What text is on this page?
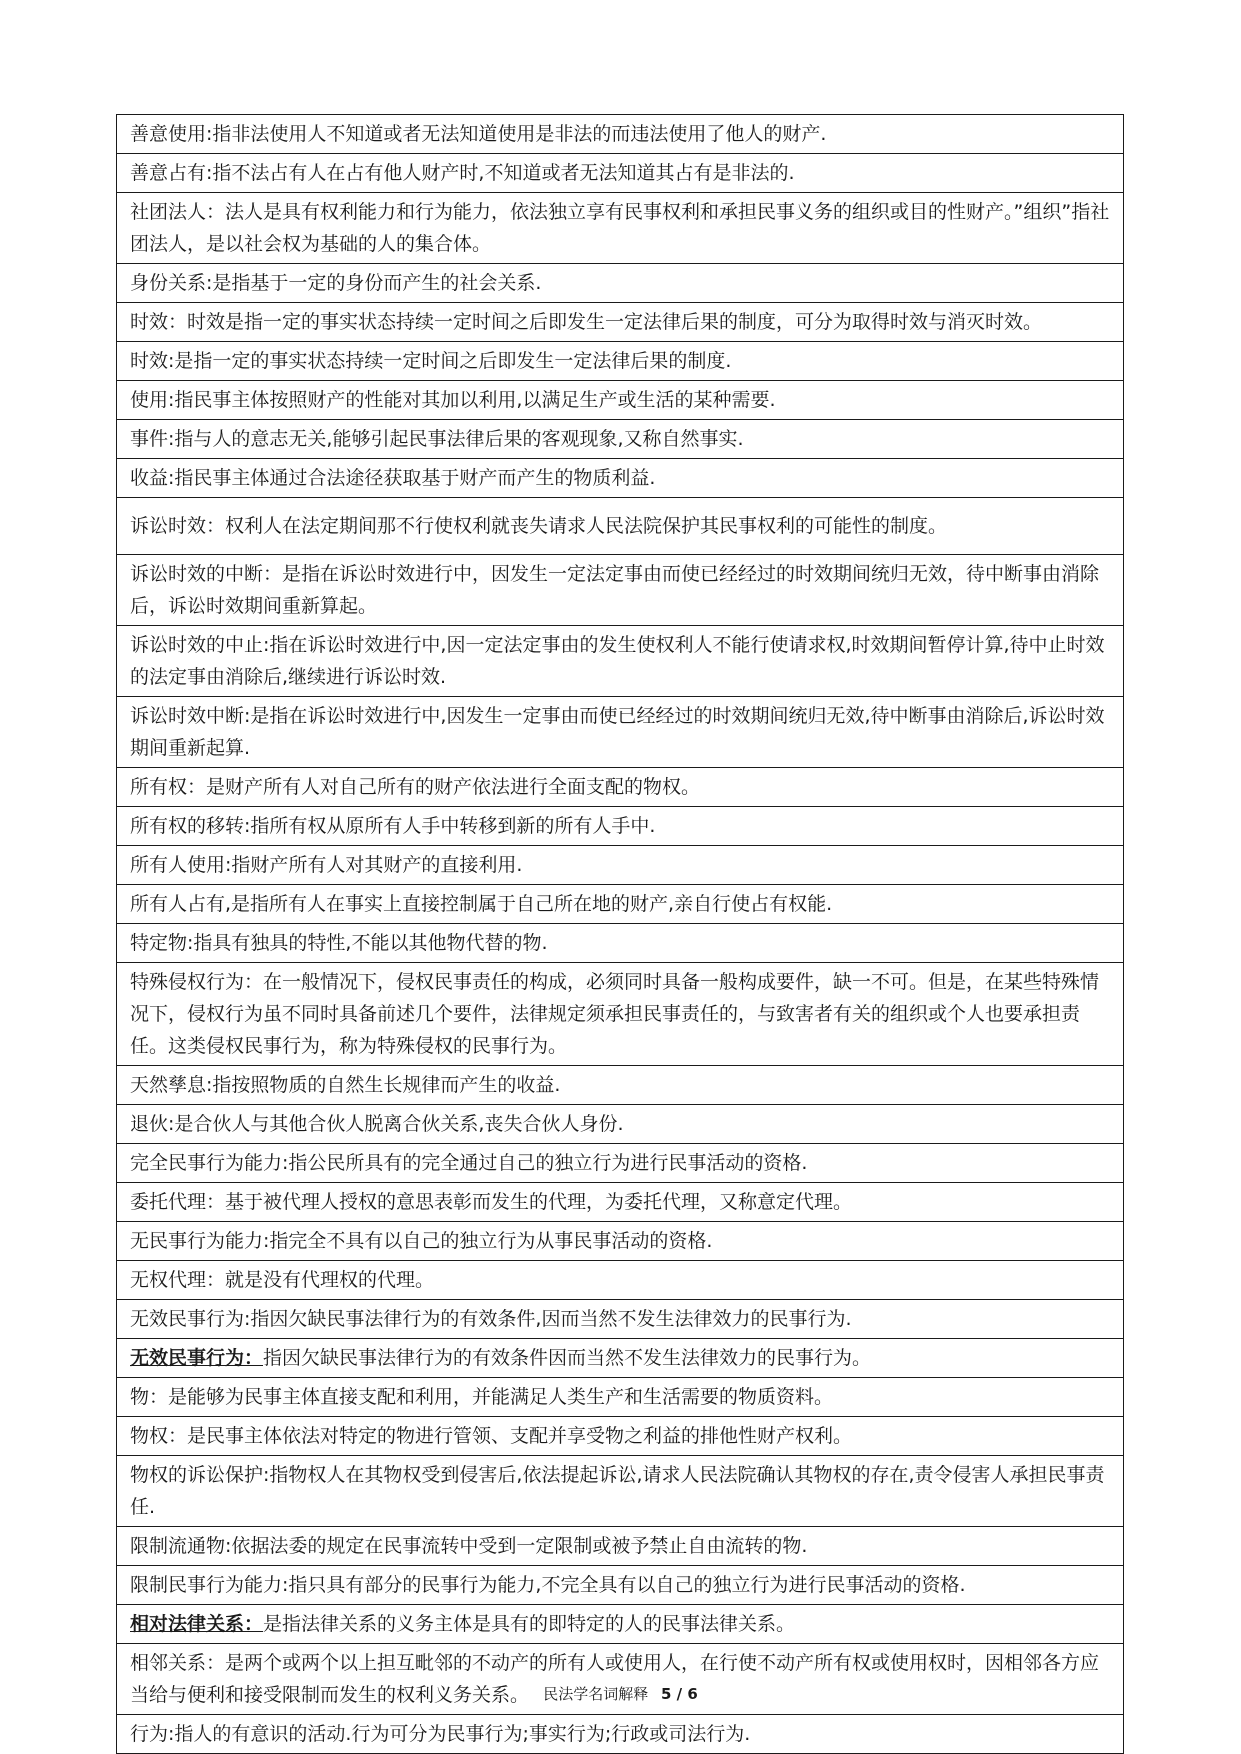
善意使用:指非法使用人不知道或者无法知道使用是非法的而违法使用了他人的财产.
善意占有:指不法占有人在占有他人财产时,不知道或者无法知道其占有是非法的.
社团法人：法人是具有权利能力和行为能力，依法独立享有民事权利和承担民事义务的组织或目的性财产。”组织”指社团法人，是以社会权为基础的人的集合体。
身份关系:是指基于一定的身份而产生的社会关系.
时效：时效是指一定的事实状态持续一定时间之后即发生一定法律后果的制度，可分为取得时效与消灭时效。
时效:是指一定的事实状态持续一定时间之后即发生一定法律后果的制度.
使用:指民事主体按照财产的性能对其加以利用,以满足生产或生活的某种需要.
事件:指与人的意志无关,能够引起民事法律后果的客观现象,又称自然事实.
收益:指民事主体通过合法途径获取基于财产而产生的物质利益.
诉讼时效：权利人在法定期间那不行使权利就丧失请求人民法院保护其民事权利的可能性的制度。
诉讼时效的中断：是指在诉讼时效进行中，因发生一定法定事由而使已经经过的时效期间统归无效，待中断事由消除后，诉讼时效期间重新算起。
诉讼时效的中止:指在诉讼时效进行中,因一定法定事由的发生使权利人不能行使请求权,时效期间暂停计算,待中止时效的法定事由消除后,继续进行诉讼时效.
诉讼时效中断:是指在诉讼时效进行中,因发生一定事由而使已经经过的时效期间统归无效,待中断事由消除后,诉讼时效期间重新起算.
所有权：是财产所有人对自己所有的财产依法进行全面支配的物权。
所有权的移转:指所有权从原所有人手中转移到新的所有人手中.
所有人使用:指财产所有人对其财产的直接利用.
所有人占有,是指所有人在事实上直接控制属于自己所在地的财产,亲自行使占有权能.
特定物:指具有独具的特性,不能以其他物代替的物.
特殊侵权行为：在一般情况下，侵权民事责任的构成，必须同时具备一般构成要件，缺一不可。但是，在某些特殊情况下，侵权行为虽不同时具备前述几个要件，法律规定须承担民事责任的，与致害者有关的组织或个人也要承担责任。这类侵权民事行为，称为特殊侵权的民事行为。
天然孳息:指按照物质的自然生长规律而产生的收益.
退伙:是合伙人与其他合伙人脱离合伙关系,丧失合伙人身份.
完全民事行为能力:指公民所具有的完全通过自己的独立行为进行民事活动的资格.
委托代理：基于被代理人授权的意思表彰而发生的代理，为委托代理，又称意定代理。
无民事行为能力:指完全不具有以自己的独立行为从事民事活动的资格.
无权代理：就是没有代理权的代理。
无效民事行为:指因欠缺民事法律行为的有效条件,因而当然不发生法律效力的民事行为.
无效民事行为：指因欠缺民事法律行为的有效条件因而当然不发生法律效力的民事行为。
物：是能够为民事主体直接支配和利用，并能满足人类生产和生活需要的物质资料。
物权：是民事主体依法对特定的物进行管领、支配并享受物之利益的排他性财产权利。
物权的诉讼保护:指物权人在其物权受到侵害后,依法提起诉讼,请求人民法院确认其物权的存在,责令侵害人承担民事责任.
限制流通物:依据法委的规定在民事流转中受到一定限制或被予禁止自由流转的物.
限制民事行为能力:指只具有部分的民事行为能力,不完全具有以自己的独立行为进行民事活动的资格.
相对法律关系：是指法律关系的义务主体是具有的即特定的人的民事法律关系。
相邻关系：是两个或两个以上担互毗邻的不动产的所有人或使用人，在行使不动产所有权或使用权时，因相邻各方应当给与便利和接受限制而发生的权利义务关系。
行为:指人的有意识的活动.行为可分为民事行为;事实行为;行政或司法行为.
民法学名词解释 5 / 6
